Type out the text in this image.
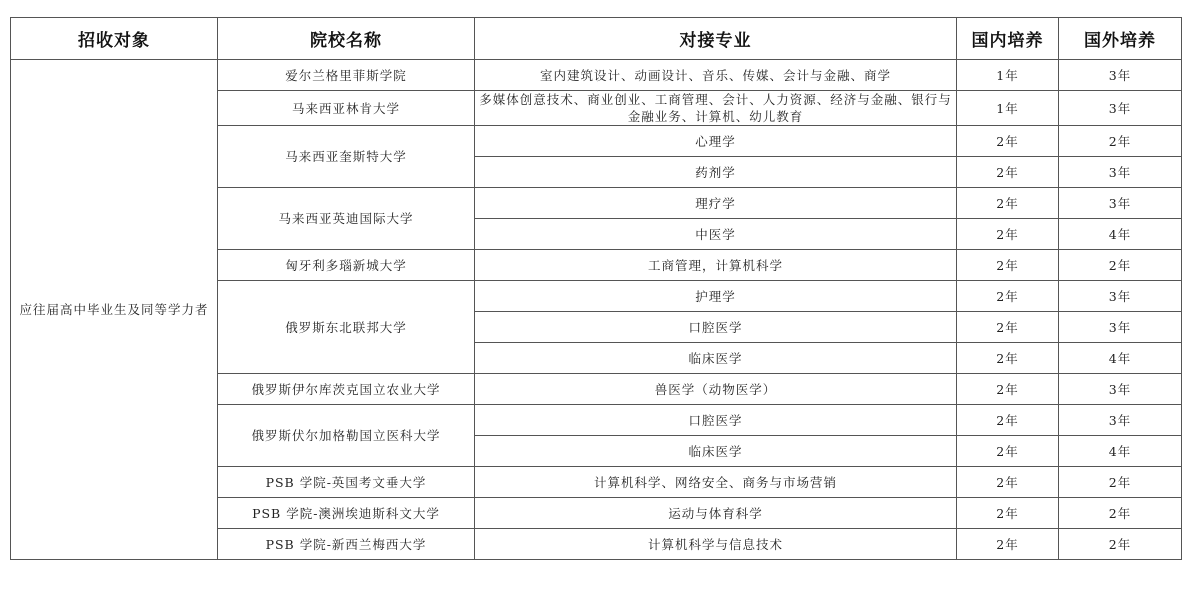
招收对象	院校名称	对接专业	国内培养	国外培养
应往届高中毕业生及同等学力者	爱尔兰格里菲斯学院	室内建筑设计、动画设计、音乐、传媒、会计与金融、商学	1年	3年
	马来西亚林肯大学	多媒体创意技术、商业创业、工商管理、会计、人力资源、经济与金融、银行与金融业务、计算机、幼儿教育	1年	3年
	马来西亚奎斯特大学	心理学	2年	2年
		药剂学	2年	3年
	马来西亚英迪国际大学	理疗学	2年	3年
		中医学	2年	4年
	匈牙利多瑙新城大学	工商管理，计算机科学	2年	2年
	俄罗斯东北联邦大学	护理学	2年	3年
		口腔医学	2年	3年
		临床医学	2年	4年
	俄罗斯伊尔库茨克国立农业大学	兽医学（动物医学）	2年	3年
	俄罗斯伏尔加格勒国立医科大学	口腔医学	2年	3年
		临床医学	2年	4年
	PSB 学院-英国考文垂大学	计算机科学、网络安全、商务与市场营销	2年	2年
	PSB 学院-澳洲埃迪斯科文大学	运动与体育科学	2年	2年
	PSB 学院-新西兰梅西大学	计算机科学与信息技术	2年	2年
